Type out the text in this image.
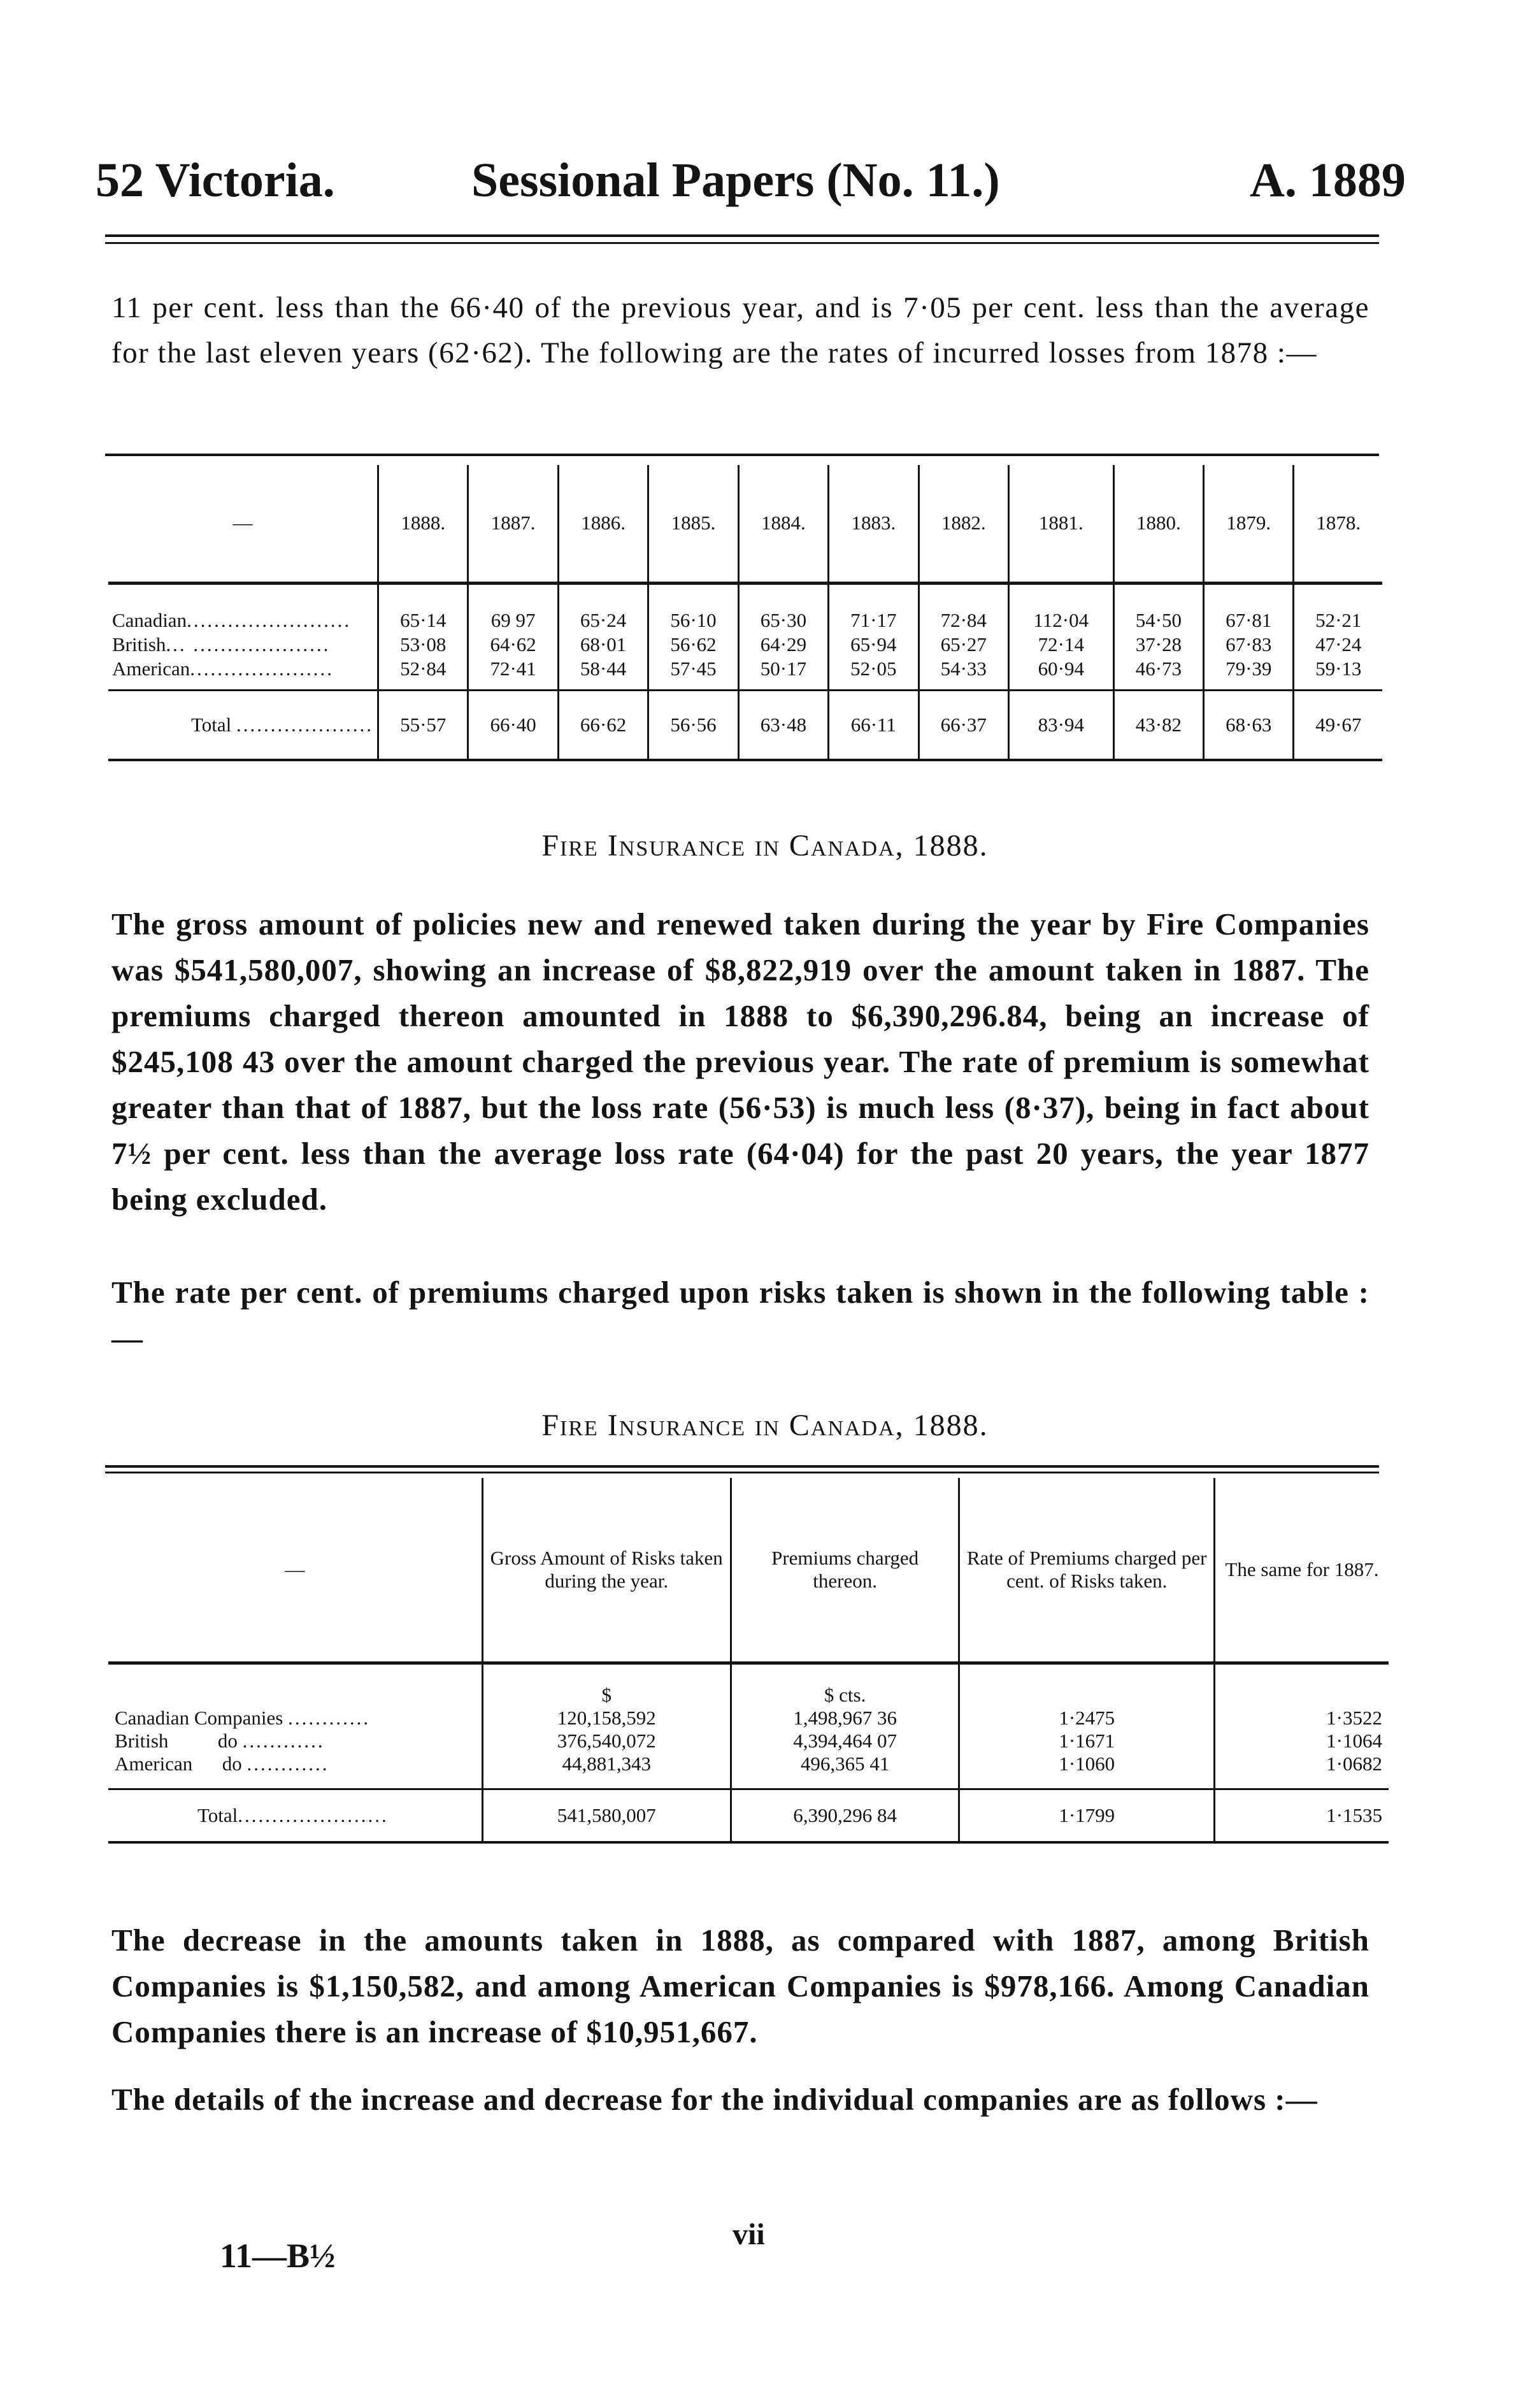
52 Victoria.	Sessional Papers (No. 11.)	A. 1889
11 per cent. less than the 66·40 of the previous year, and is 7·05 per cent. less than the average for the last eleven years (62·62). The following are the rates of incurred losses from 1878 :—
—	1888.	1887.	1886.	1885.	1884.	1883.	1882.	1881.	1880.	1879.	1878.
Canadian........................	65·14	69 97	65·24	56·10	65·30	71·17	72·84	112·04	54·50	67·81	52·21
British... ....................	53·08	64·62	68·01	56·62	64·29	65·94	65·27	72·14	37·28	67·83	47·24
American.....................	52·84	72·41	58·44	57·45	50·17	52·05	54·33	60·94	46·73	79·39	59·13
Total ....................	55·57	66·40	66·62	56·56	63·48	66·11	66·37	83·94	43·82	68·63	49·67
Fire Insurance in Canada, 1888.
The gross amount of policies new and renewed taken during the year by Fire Companies was $541,580,007, showing an increase of $8,822,919 over the amount taken in 1887. The premiums charged thereon amounted in 1888 to $6,390,296.84, being an increase of $245,108 43 over the amount charged the previous year. The rate of premium is somewhat greater than that of 1887, but the loss rate (56·53) is much less (8·37), being in fact about 7½ per cent. less than the average loss rate (64·04) for the past 20 years, the year 1877 being excluded.
The rate per cent. of premiums charged upon risks taken is shown in the following table :—
Fire Insurance in Canada, 1888.
—	Gross Amount of Risks taken during the year.	Premiums charged thereon.	Rate of Premiums charged per cent. of Risks taken.	The same for 1887.
	$	$ cts.		
Canadian Companies ............	120,158,592	1,498,967 36	1·2475	1·3522
British          do ............	376,540,072	4,394,464 07	1·1671	1·1064
American      do ............	44,881,343	496,365 41	1·1060	1·0682
Total......................	541,580,007	6,390,296 84	1·1799	1·1535
The decrease in the amounts taken in 1888, as compared with 1887, among British Companies is $1,150,582, and among American Companies is $978,166. Among Canadian Companies there is an increase of $10,951,667.
The details of the increase and decrease for the individual companies are as follows :—
11—B½
vii
